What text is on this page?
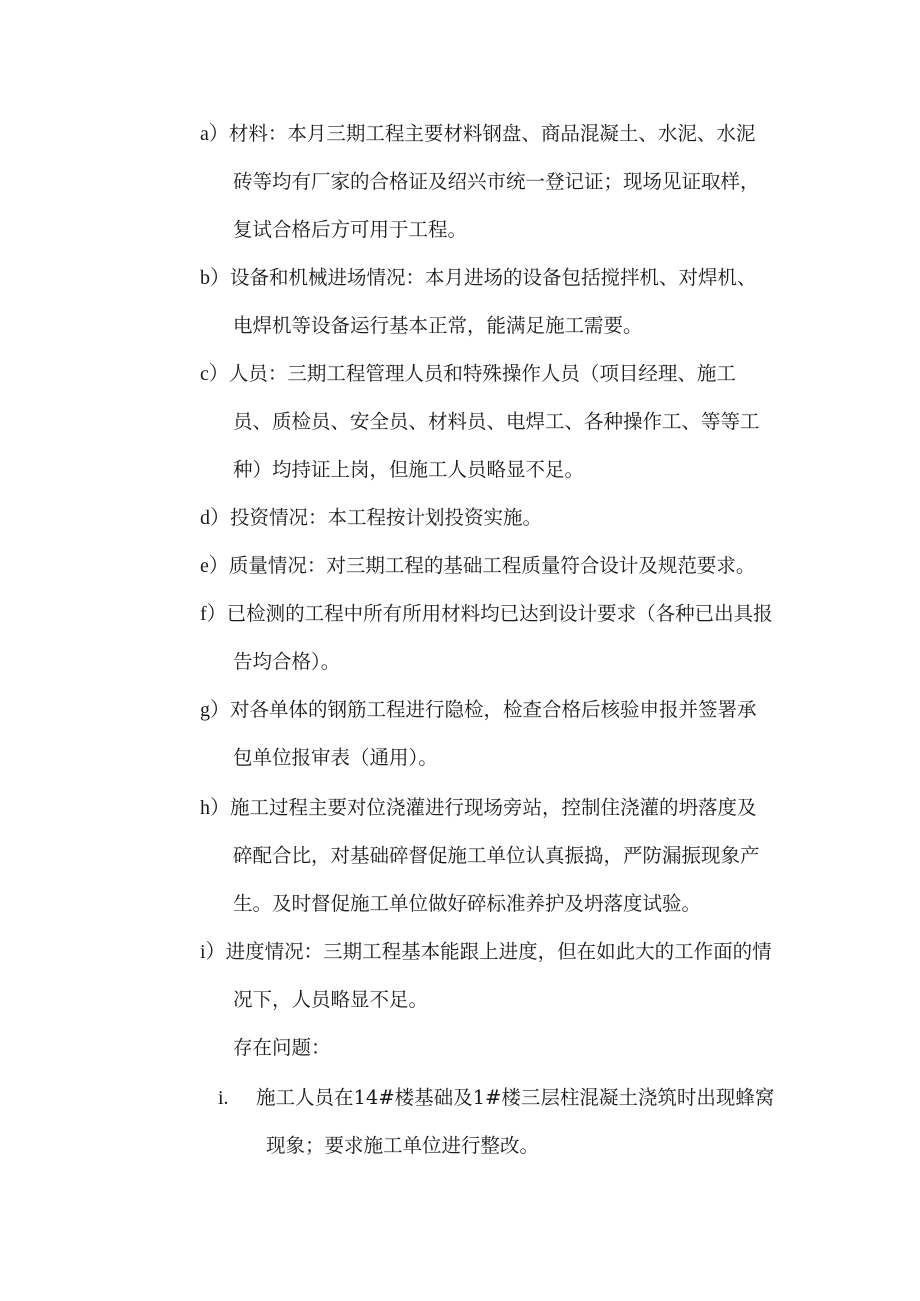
a）材料：本月三期工程主要材料钢盘、商品混凝土、水泥、水泥
砖等均有厂家的合格证及绍兴市统一登记证；现场见证取样，
复试合格后方可用于工程。
b）设备和机械进场情况：本月进场的设备包括搅拌机、对焊机、
电焊机等设备运行基本正常，能满足施工需要。
c）人员：三期工程管理人员和特殊操作人员（项目经理、施工
员、质检员、安全员、材料员、电焊工、各种操作工、等等工
种）均持证上岗，但施工人员略显不足。
d）投资情况：本工程按计划投资实施。
e）质量情况：对三期工程的基础工程质量符合设计及规范要求。
f）已检测的工程中所有所用材料均已达到设计要求（各种已出具报
告均合格）。
g）对各单体的钢筋工程进行隐检，检查合格后核验申报并签署承
包单位报审表（通用）。
h）施工过程主要对位浇灌进行现场旁站，控制住浇灌的坍落度及
碎配合比，对基础碎督促施工单位认真振捣，严防漏振现象产
生。及时督促施工单位做好碎标准养护及坍落度试验。
i）进度情况：三期工程基本能跟上进度，但在如此大的工作面的情
况下，人员略显不足。
存在问题：
i. 施工人员在14#楼基础及1#楼三层柱混凝土浇筑时出现蜂窝
现象；要求施工单位进行整改。
